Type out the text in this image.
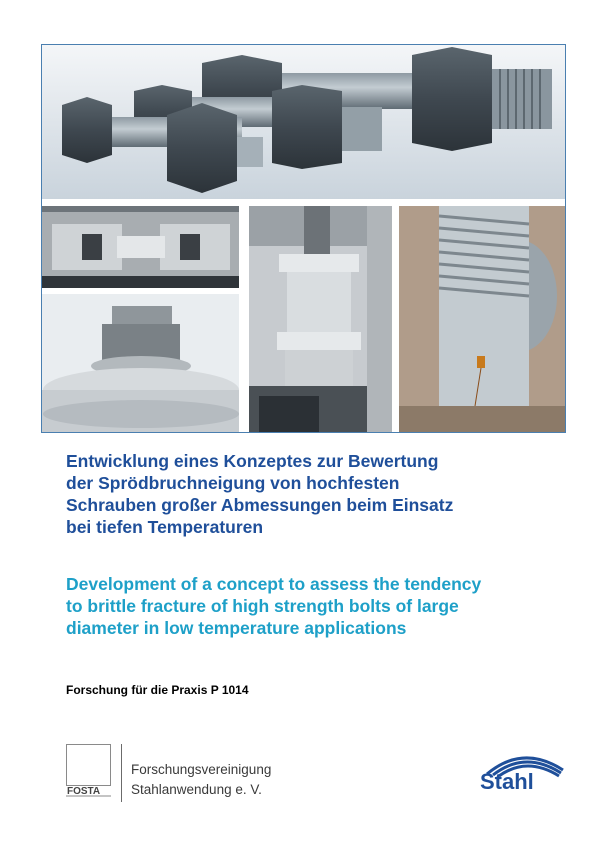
Entwicklung eines Konzeptes zur Bewertung
der Sprödbruchneigung von hochfesten
Schrauben großer Abmessungen beim Einsatz
bei tiefen Temperaturen
Development of a concept to assess the tendency
to brittle fracture of high strength bolts of large
diameter in low temperature applications
Forschung für die Praxis P 1014
FOSTA
Forschungsvereinigung
Stahlanwendung e. V.	Stahl
